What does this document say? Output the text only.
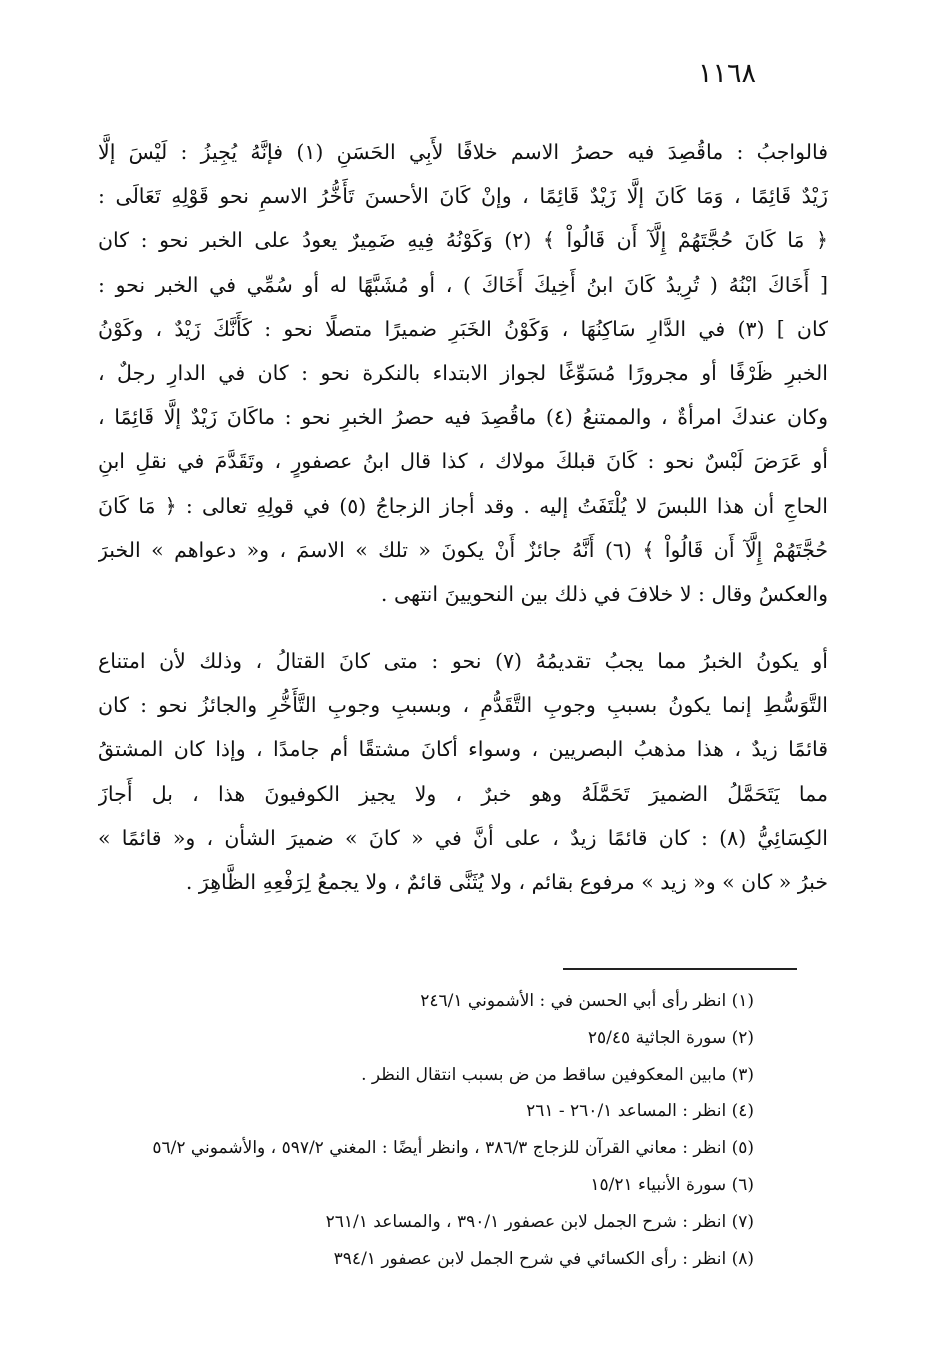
١١٦٨
فالواجبُ : ماقُصِدَ فيه حصرُ الاسم خلافًا لأَبِي الحَسَنِ (١) فإنَّهُ يُجِيزُ : لَيْسَ إلَّا
زَيْدٌ قَائِمًا ، وَمَا كَانَ إلَّا زَيْدٌ قَائِمًا ، وإنْ كَانَ الأحسنَ تَأَخُّرُ الاسمِ نحو قَوْلِهِ تَعَالَى :
﴿ مَا كَانَ حُجَّتَهُمْ إِلَّآ أَن قَالُواْ ﴾ (٢) وَكَوْنُهُ فِيهِ ضَمِيرٌ يعودُ على الخبر نحو : كان
[ أَخَاكَ ابْنُهُ ( تُرِيدُ كَانَ ابنُ أَخِيكَ أَخَاكَ ) ، أو مُشَبَّهًا له أو سُمِّي في الخبر نحو :
كان ] (٣) في الدَّارِ سَاكِنُهَا ، وَكَوْنُ الخَبَرِ ضميرًا متصلًا نحو : كَأَنَّكَ زَيْدٌ ، وكَوْنُ
الخبرِ ظَرْفًا أو مجرورًا مُسَوِّغًا لجواز الابتداء بالنكرة نحو : كان في الدارِ رجلٌ ،
وكان عندكَ امرأةٌ ، والممتنعُ (٤) ماقُصِدَ فيه حصرُ الخبرِ نحو : ماكَانَ زَيْدٌ إلَّا قَائِمًا ،
أو عَرَضَ لَبْسٌ نحو : كَانَ قبلكَ مولاك ، كذا قال ابنُ عصفورٍ ، وتَقَدَّمَ في نقلِ ابنِ
الحاجِ أن هذا اللبسَ لا يُلْتَفَتُ إليه . وقد أجاز الزجاجُ (٥) في قولِهِ تعالى : ﴿ مَا كَانَ
حُجَّتَهُمْ إِلَّآ أَن قَالُواْ ﴾ (٦) أَنَّهُ جائزٌ أَنْ يكونَ « تلك » الاسمَ ، و« دعواهم » الخبرَ
والعكسُ وقال : لا خلافَ في ذلك بين النحويينَ انتهى .
أو يكونُ الخبرُ مما يجبُ تقديمُهُ (٧) نحو : متى كانَ القتالُ ، وذلك لأن امتناع
التَّوَسُّطِ إنما يكونُ بسببِ وجوبِ التَّقَدُّمِ ، وبسببِ وجوبِ التَّأَخُّرِ والجائزُ نحو : كان
قائمًا زيدٌ ، هذا مذهبُ البصريين ، وسواء أكانَ مشتقًا أم جامدًا ، وإذا كان المشتقُ
مما يَتَحَمَّلُ الضميرَ تَحَمَّلَهُ وهو خبرٌ ، ولا يجيز الكوفيونَ هذا ، بل أَجازَ
الكِسَائِيُّ (٨) : كان قائمًا زيدٌ ، على أنَّ في « كانَ » ضميرَ الشأن ، و« قائمًا »
خبرُ « كان » و« زيد » مرفوع بقائم ، ولا يُثَنَّى قائمٌ ، ولا يجمعُ لِرَفْعِهِ الظَّاهِرَ .
(١) انظر رأى أبي الحسن في : الأشموني ٢٤٦/١
(٢) سورة الجاثية ٢٥/٤٥
(٣) مابين المعكوفين ساقط من ض بسبب انتقال النظر .
(٤) انظر : المساعد ٢٦٠/١ - ٢٦١
(٥) انظر : معاني القرآن للزجاج ٣٨٦/٣ ، وانظر أيضًا : المغني ٥٩٧/٢ ، والأشموني ٥٦/٢
(٦) سورة الأنبياء ١٥/٢١
(٧) انظر : شرح الجمل لابن عصفور ٣٩٠/١ ، والمساعد ٢٦١/١
(٨) انظر : رأى الكسائي في شرح الجمل لابن عصفور ٣٩٤/١
